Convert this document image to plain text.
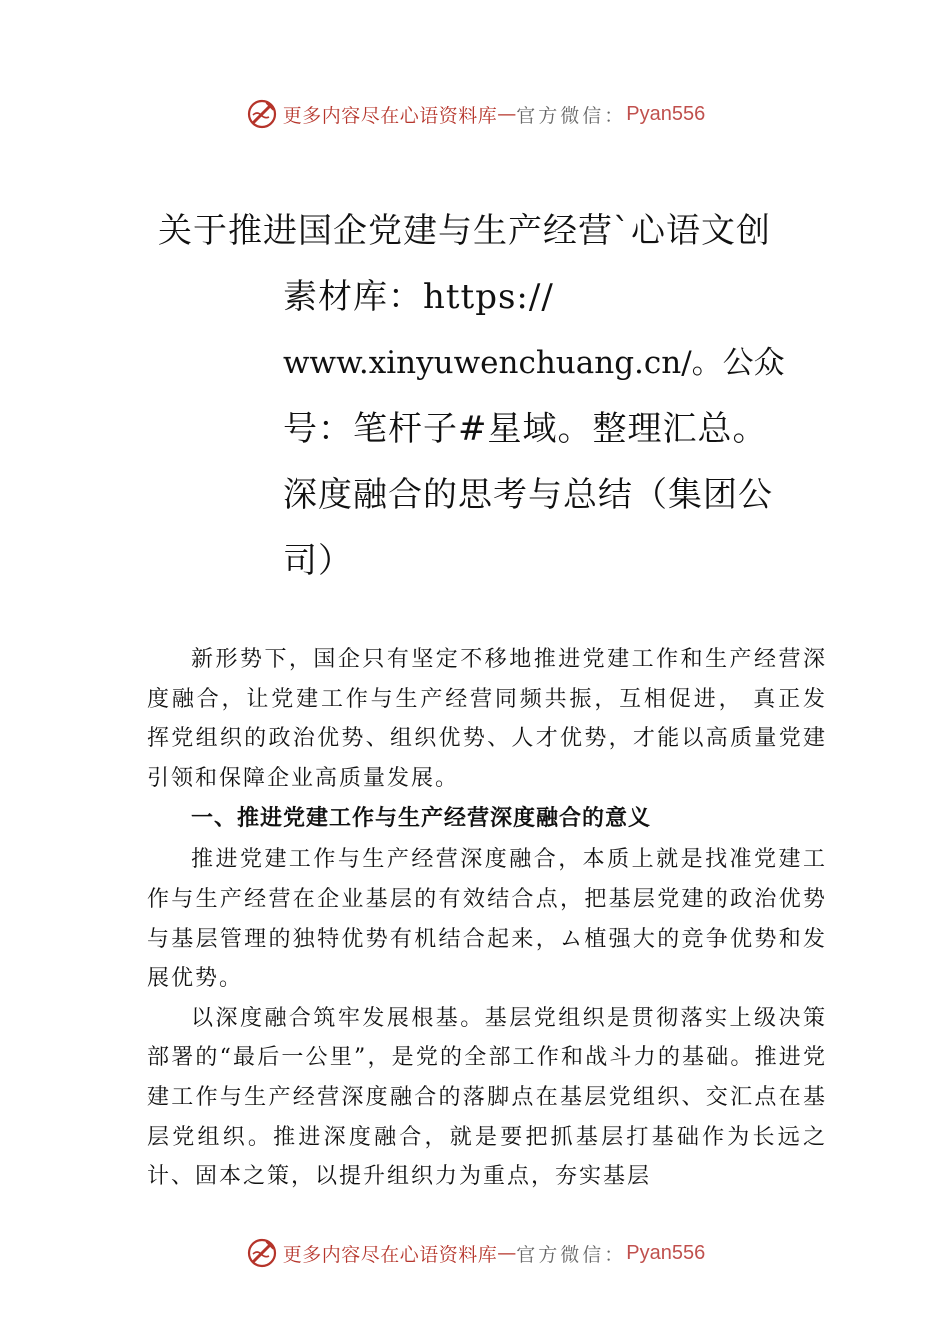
更多内容尽在心语资料库 — 官方微信： Pyan556
关于推进国企党建与生产经营`心语文创
素材库：https://
www.xinyuwenchuang.cn/。公众
号：笔杆子#星域。整理汇总。
深度融合的思考与总结（集团公
司）

新形势下，国企只有坚定不移地推进党建工作和生产经营深度融合，让党建工作与生产经营同频共振，互相促进， 真正发挥党组织的政治优势、组织优势、人才优势，才能以高质量党建引领和保障企业高质量发展。

一、推进党建工作与生产经营深度融合的意义

推进党建工作与生产经营深度融合，本质上就是找准党建工作与生产经营在企业基层的有效结合点，把基层党建的政治优势与基层管理的独特优势有机结合起来，ム植强大的竞争优势和发展优势。

以深度融合筑牢发展根基。基层党组织是贯彻落实上级决策部署的“最后一公里”，是党的全部工作和战斗力的基础。推进党建工作与生产经营深度融合的落脚点在基层党组织、交汇点在基层党组织。推进深度融合，就是要把抓基层打基础作为长远之计、固本之策，以提升组织力为重点，夯实基层

更多内容尽在心语资料库 — 官方微信： Pyan556
